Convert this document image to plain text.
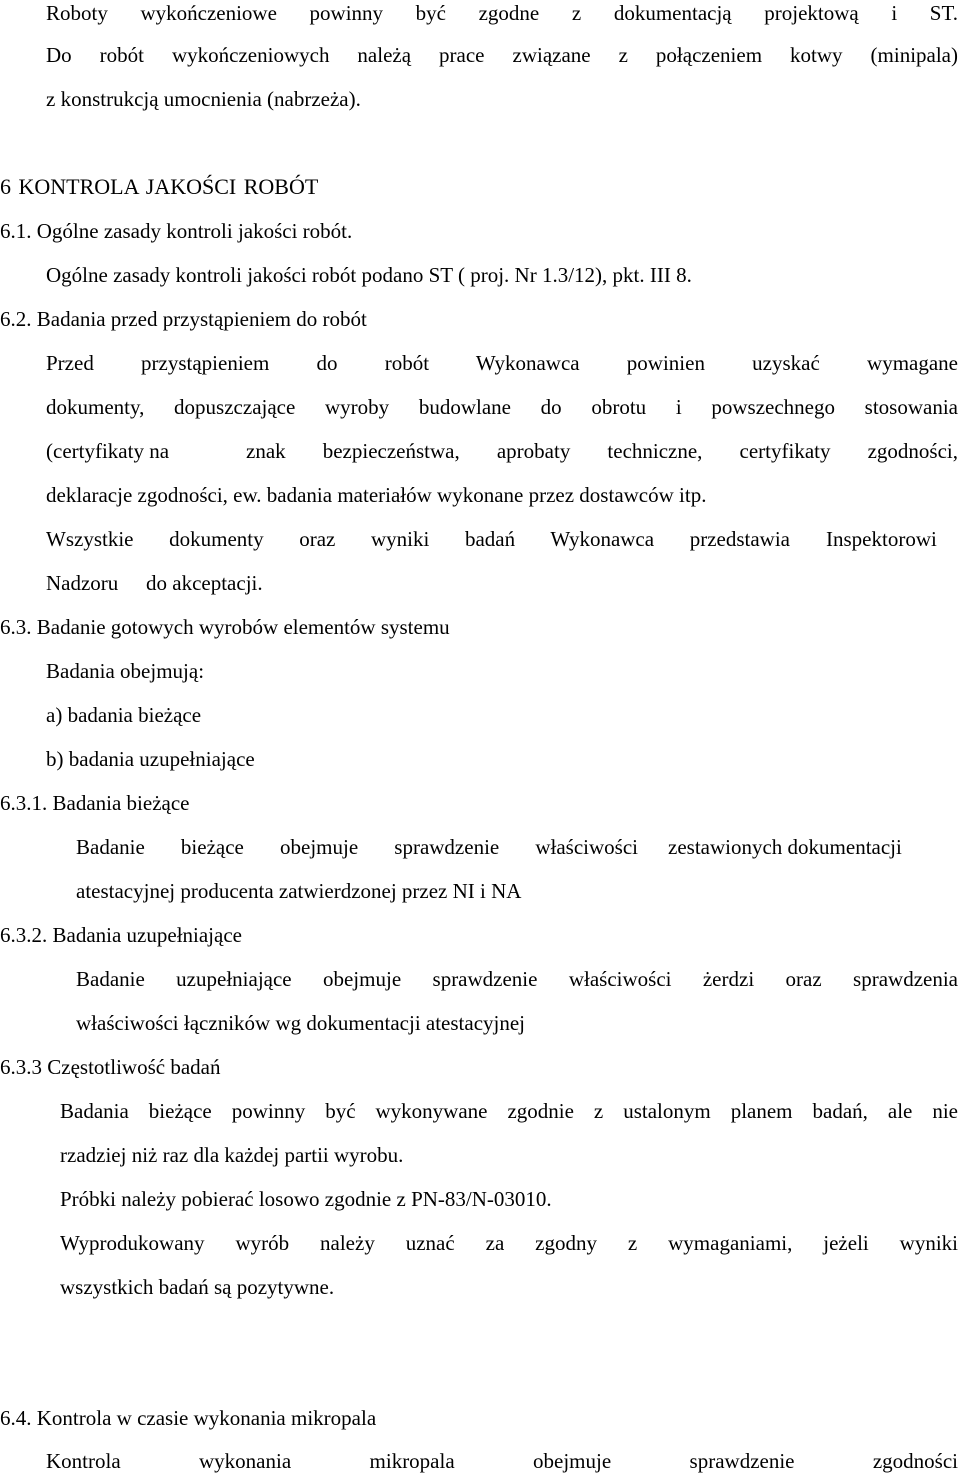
Roboty wykończeniowe powinny być zgodne z dokumentacją projektową i ST.

Do robót wykończeniowych należą prace związane z połączeniem kotwy (minipala)

z konstrukcją umocnienia (nabrzeża).

6 KONTROLA JAKOŚCI ROBÓT

6.1. Ogólne zasady kontroli jakości robót.

Ogólne zasady kontroli jakości robót podano ST ( proj. Nr 1.3/12), pkt. III 8.

6.2. Badania przed przystąpieniem do robót

Przed przystąpieniem do robót Wykonawca powinien uzyskać wymagane

dokumenty, dopuszczające wyroby budowlane do obrotu i powszechnego stosowania

(certyfikaty na	znak bezpieczeństwa, aprobaty techniczne, certyfikaty zgodności,

deklaracje zgodności, ew. badania materiałów wykonane przez dostawców itp.

Wszystkie dokumenty oraz wyniki badań Wykonawca przedstawia Inspektorowi

Nadzoru do akceptacji.

6.3. Badanie gotowych wyrobów elementów systemu

Badania obejmują:

a) badania bieżące

b) badania uzupełniające

6.3.1. Badania bieżące

Badanie bieżące obejmuje sprawdzenie właściwości zestawionych dokumentacji

atestacyjnej producenta zatwierdzonej przez NI i NA

6.3.2. Badania uzupełniające

Badanie uzupełniające obejmuje sprawdzenie właściwości żerdzi oraz sprawdzenia

właściwości łączników wg dokumentacji atestacyjnej

6.3.3 Częstotliwość badań

Badania bieżące powinny być wykonywane zgodnie z ustalonym planem badań, ale nie

rzadziej niż raz dla każdej partii wyrobu.

Próbki należy pobierać losowo zgodnie z PN-83/N-03010.

Wyprodukowany wyrób należy uznać za zgodny z wymaganiami, jeżeli wyniki

wszystkich badań są pozytywne.

6.4. Kontrola w czasie wykonania mikropala

Kontrola wykonania mikropala obejmuje sprawdzenie zgodności
